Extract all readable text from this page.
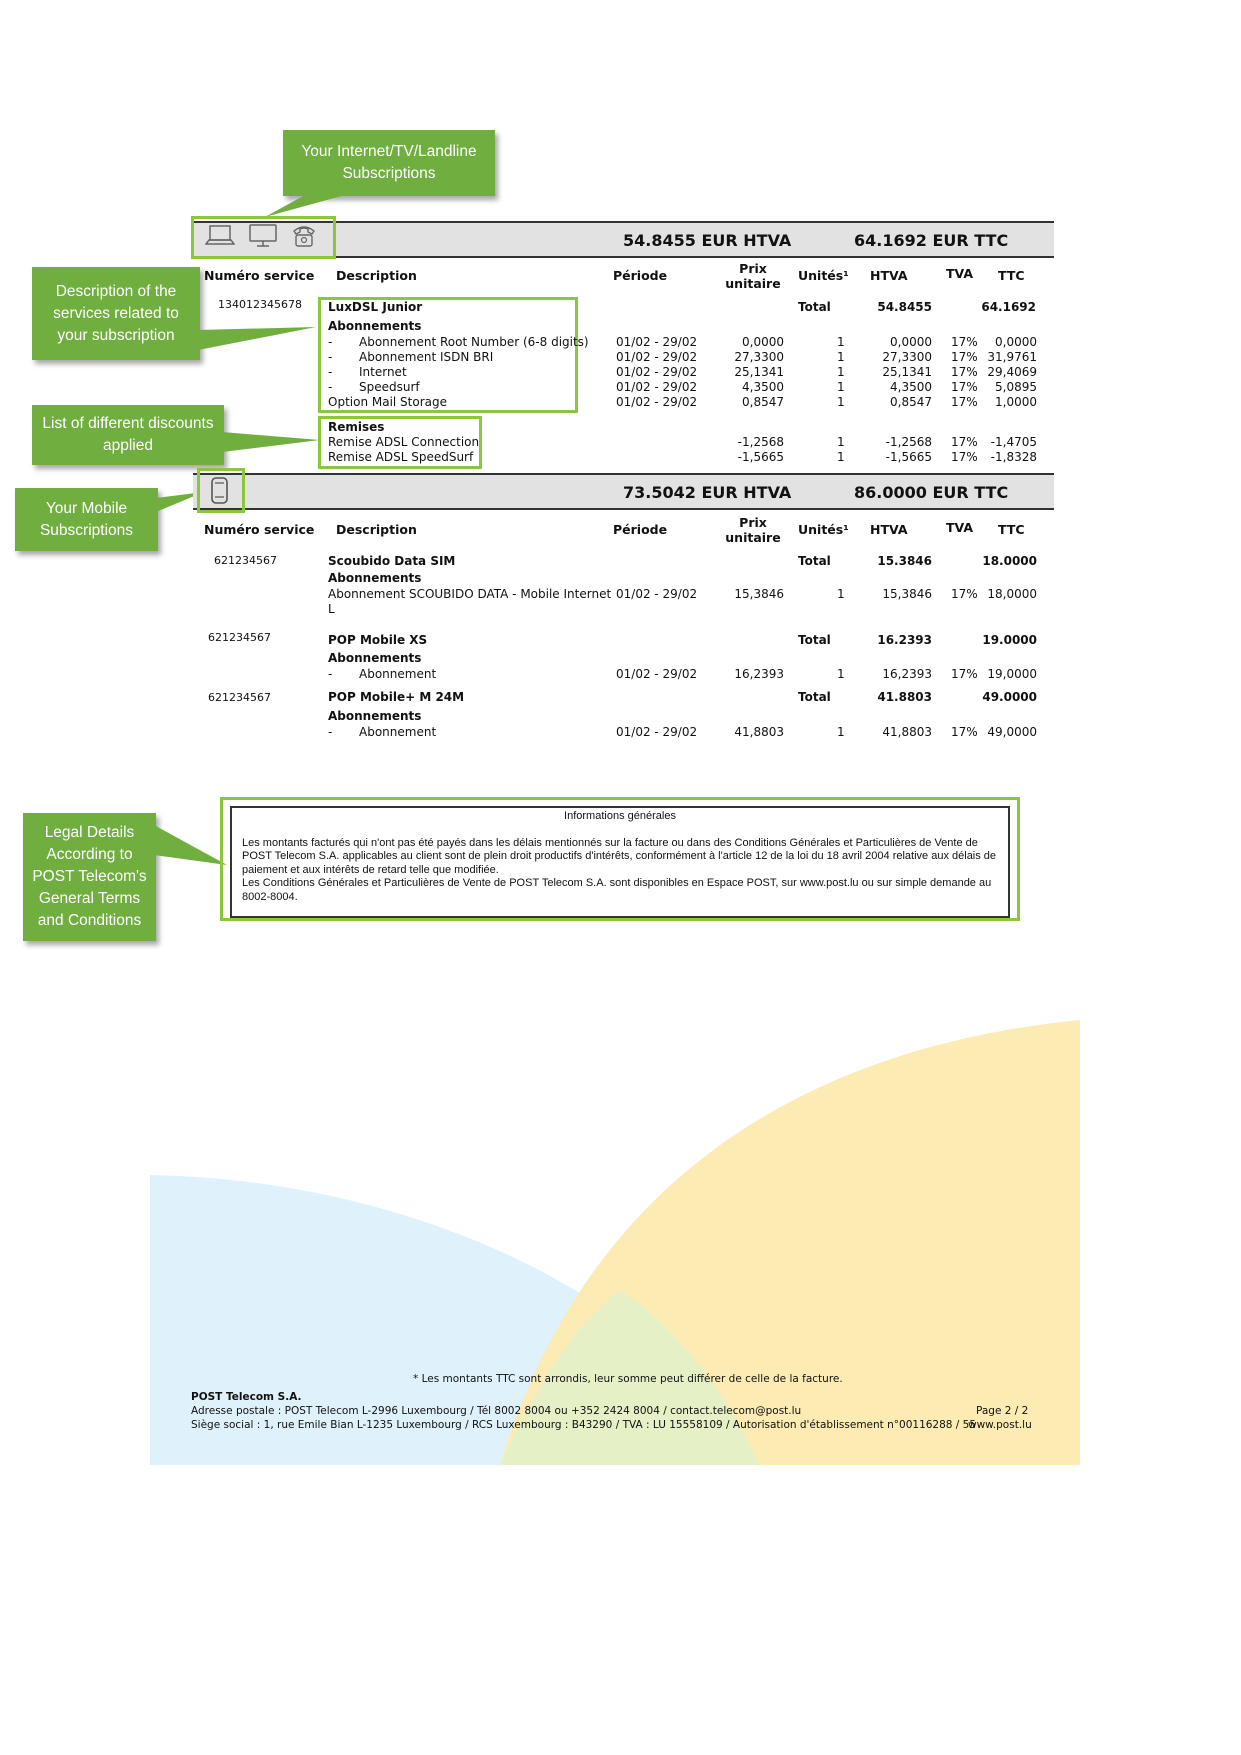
Your Internet/TV/Landline Subscriptions
Description of the services related to your subscription
List of different discounts applied
Your Mobile Subscriptions
Legal Details According to POST Telecom's General Terms and Conditions
54.8455 EUR HTVA	64.1692 EUR TTC
Numéro service Description	Période	Prix unitaire
Unités¹ HTVA	TVA TTC
134012345678 LuxDSL Junior	Total	54.8455	64.1692
Abonnements
- Abonnement Root Number (6-8 digits) 01/02 - 29/02	0,0000	1	0,0000 17%	0,0000
- Abonnement ISDN BRI	01/02 - 29/02	27,3300	1	27,3300 17% 31,9761
- Internet	01/02 - 29/02	25,1341	1	25,1341 17% 29,4069
- Speedsurf	01/02 - 29/02	4,3500	1	4,3500 17%	5,0895
Option Mail Storage	01/02 - 29/02	0,8547	1	0,8547 17%	1,0000
Remises
Remise ADSL Connection	-1,2568	1	-1,2568 17%	-1,4705
Remise ADSL SpeedSurf	-1,5665	1	-1,5665 17%	-1,8328
73.5042 EUR HTVA	86.0000 EUR TTC
Numéro service Description	Période	Prix unitaire
Unités¹ HTVA	TVA TTC
621234567	Scoubido Data SIM	Total	15.3846	18.0000
Abonnements
Abonnement SCOUBIDO DATA - Mobile Internet
L
01/02 - 29/02	15,3846	1	15,3846 17% 18,0000
621234567	POP Mobile XS	Total	16.2393	19.0000
Abonnements
- Abonnement	01/02 - 29/02	16,2393	1	16,2393 17% 19,0000
621234567	POP Mobile+ M 24M	Total	41.8803	49.0000
Abonnements
- Abonnement	01/02 - 29/02	41,8803	1	41,8803 17% 49,0000
Informations générales
Les montants facturés qui n'ont pas été payés dans les délais mentionnés sur la facture ou dans des Conditions Générales et Particulières de Vente de POST Telecom S.A. applicables au client sont de plein droit productifs d'intérêts, conformément à l'article 12 de la loi du 18 avril 2004 relative aux délais de paiement et aux intérêts de retard telle que modifiée.
Les Conditions Générales et Particulières de Vente de POST Telecom S.A. sont disponibles en Espace POST, sur www.post.lu ou sur simple demande au 8002-8004.
* Les montants TTC sont arrondis, leur somme peut différer de celle de la facture.
POST Telecom S.A.
Adresse postale : POST Telecom L-2996 Luxembourg / Tél 8002 8004 ou +352 2424 8004 / contact.telecom@post.lu
Siège social : 1, rue Emile Bian L-1235 Luxembourg / RCS Luxembourg : B43290 / TVA : LU 15558109 / Autorisation d'établissement n°00116288 / 55
Page 2 / 2
www.post.lu
